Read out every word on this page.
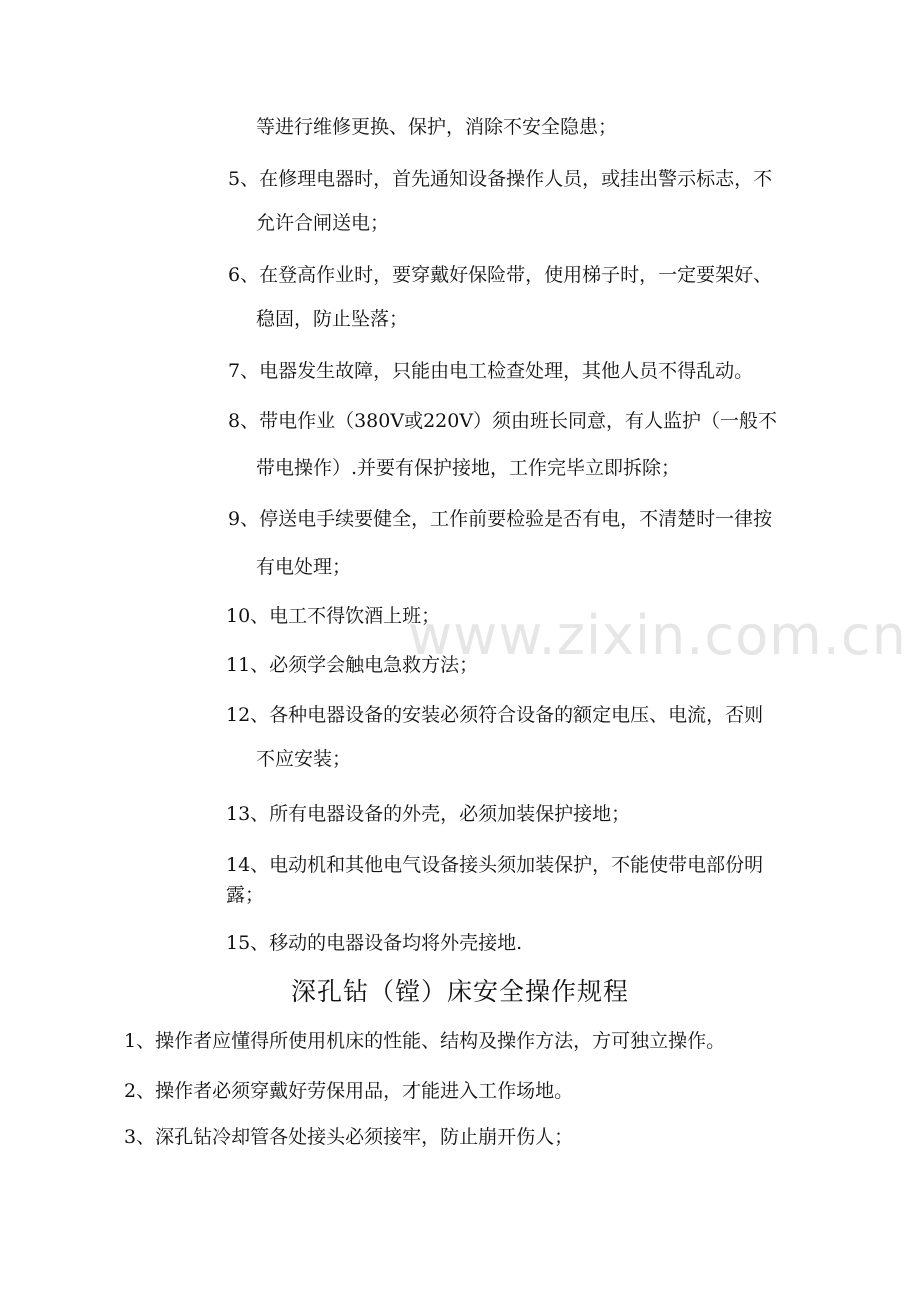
等进行维修更换、保护，消除不安全隐患；
5、在修理电器时，首先通知设备操作人员，或挂出警示标志，不
允许合闸送电；
6、在登高作业时，要穿戴好保险带，使用梯子时，一定要架好、
稳固，防止坠落；
7、电器发生故障，只能由电工检查处理，其他人员不得乱动。
8、带电作业（380V或220V）须由班长同意，有人监护（一般不
带电操作）.并要有保护接地，工作完毕立即拆除；
9、停送电手续要健全，工作前要检验是否有电，不清楚时一律按
有电处理；
10、电工不得饮酒上班；
11、必须学会触电急救方法；
12、各种电器设备的安装必须符合设备的额定电压、电流，否则
不应安装；
13、所有电器设备的外壳，必须加装保护接地；
14、电动机和其他电气设备接头须加装保护，不能使带电部份明
露；
15、移动的电器设备均将外壳接地.
深孔钻（镗）床安全操作规程
1、操作者应懂得所使用机床的性能、结构及操作方法，方可独立操作。
2、操作者必须穿戴好劳保用品，才能进入工作场地。
3、深孔钻冷却管各处接头必须接牢，防止崩开伤人；
www.zixin.com.cn
